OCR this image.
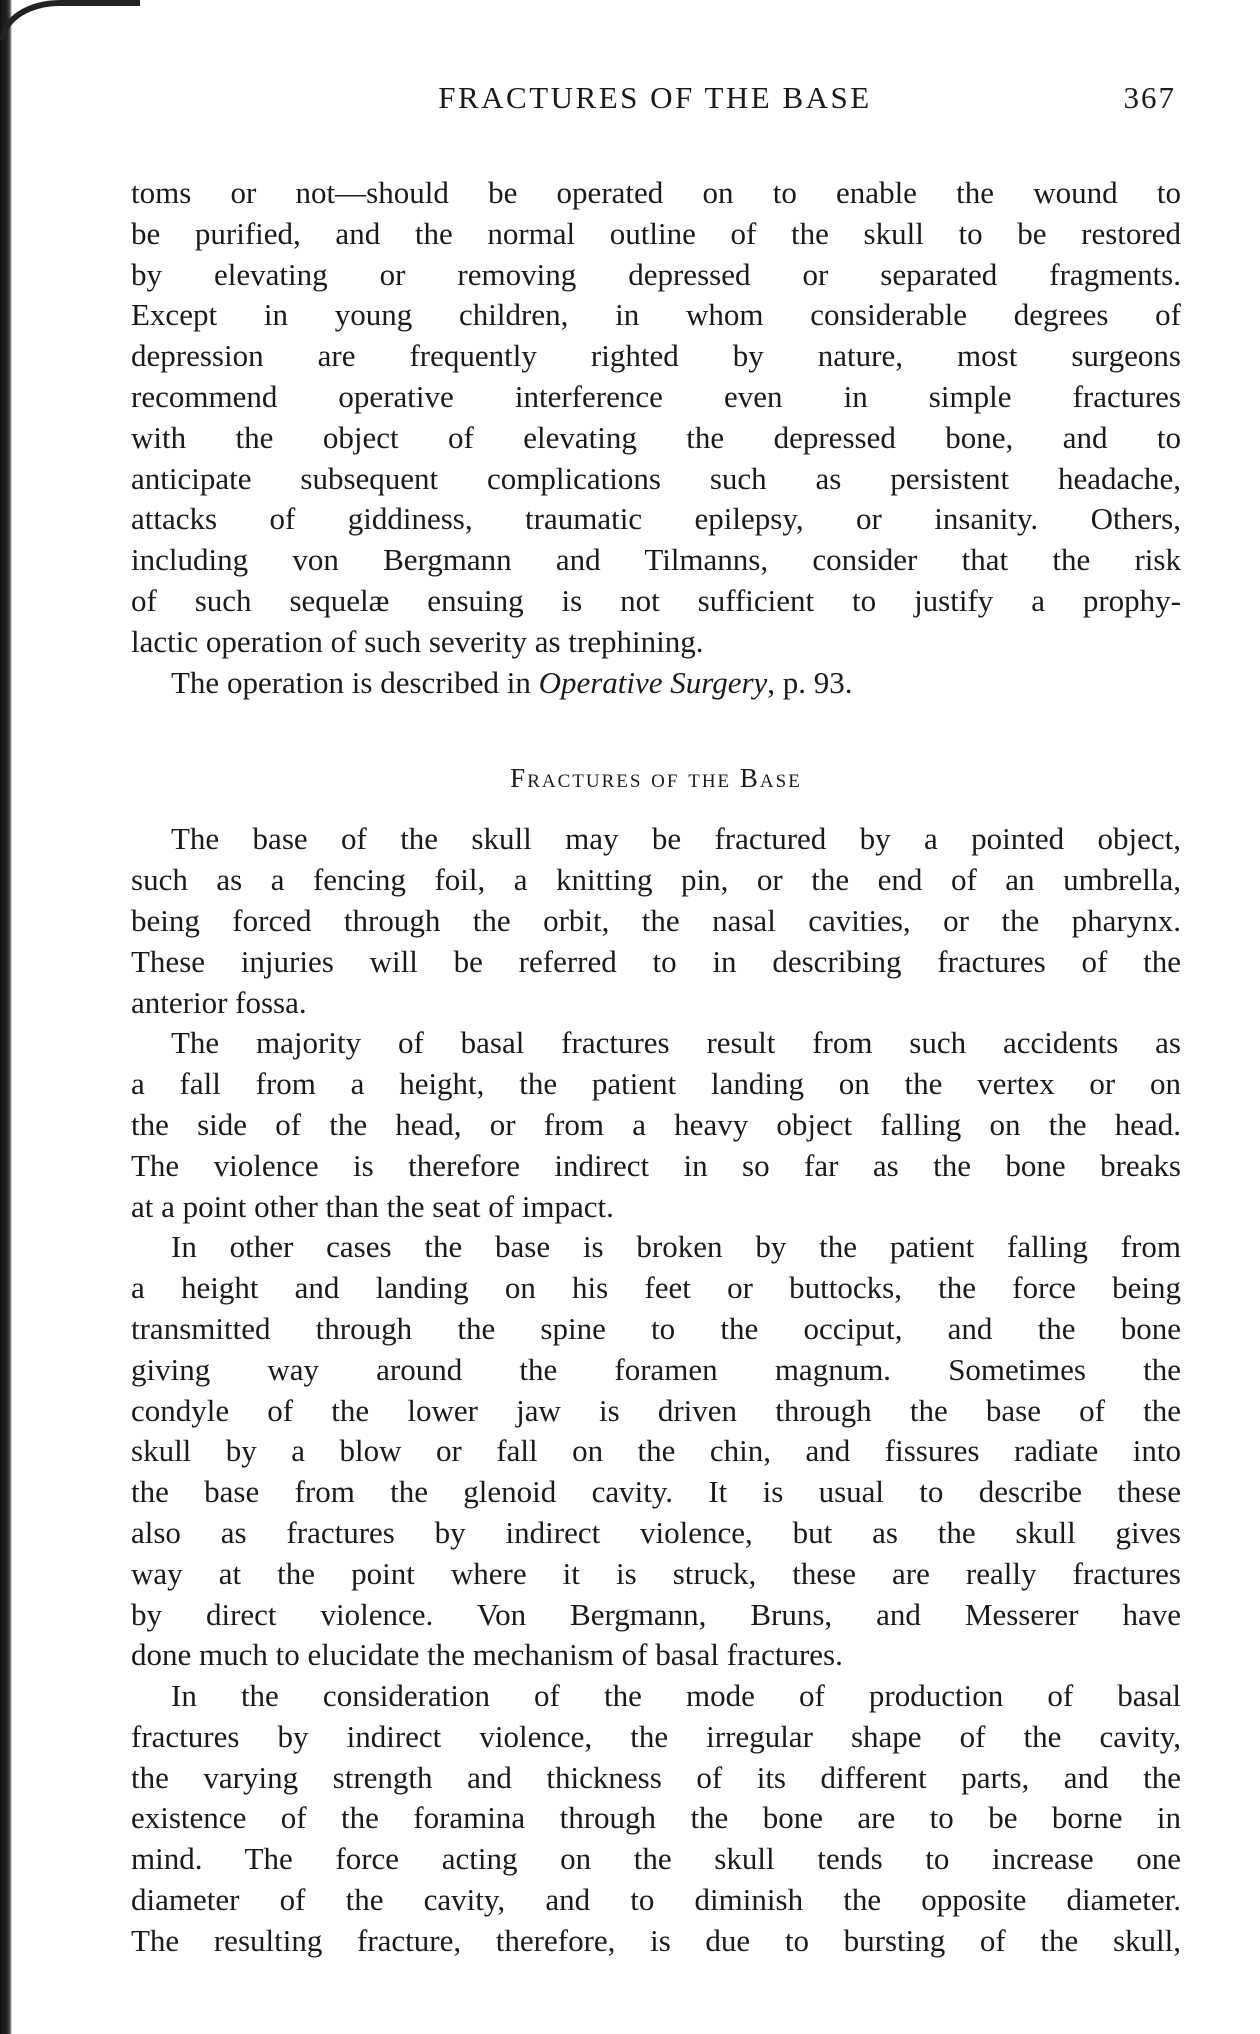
FRACTURES OF THE BASE	367
toms or not—should be operated on to enable the wound to
be purified, and the normal outline of the skull to be restored
by elevating or removing depressed or separated fragments.
Except in young children, in whom considerable degrees of
depression are frequently righted by nature, most surgeons
recommend operative interference even in simple fractures
with the object of elevating the depressed bone, and to
anticipate subsequent complications such as persistent headache,
attacks of giddiness, traumatic epilepsy, or insanity. Others,
including von Bergmann and Tilmanns, consider that the risk
of such sequelæ ensuing is not sufficient to justify a prophy-
lactic operation of such severity as trephining.
The operation is described in Operative Surgery, p. 93.
Fractures of the Base
The base of the skull may be fractured by a pointed object,
such as a fencing foil, a knitting pin, or the end of an umbrella,
being forced through the orbit, the nasal cavities, or the pharynx.
These injuries will be referred to in describing fractures of the
anterior fossa.
The majority of basal fractures result from such accidents as
a fall from a height, the patient landing on the vertex or on
the side of the head, or from a heavy object falling on the head.
The violence is therefore indirect in so far as the bone breaks
at a point other than the seat of impact.
In other cases the base is broken by the patient falling from
a height and landing on his feet or buttocks, the force being
transmitted through the spine to the occiput, and the bone
giving way around the foramen magnum. Sometimes the
condyle of the lower jaw is driven through the base of the
skull by a blow or fall on the chin, and fissures radiate into
the base from the glenoid cavity. It is usual to describe these
also as fractures by indirect violence, but as the skull gives
way at the point where it is struck, these are really fractures
by direct violence. Von Bergmann, Bruns, and Messerer have
done much to elucidate the mechanism of basal fractures.
In the consideration of the mode of production of basal
fractures by indirect violence, the irregular shape of the cavity,
the varying strength and thickness of its different parts, and the
existence of the foramina through the bone are to be borne in
mind. The force acting on the skull tends to increase one
diameter of the cavity, and to diminish the opposite diameter.
The resulting fracture, therefore, is due to bursting of the skull,
